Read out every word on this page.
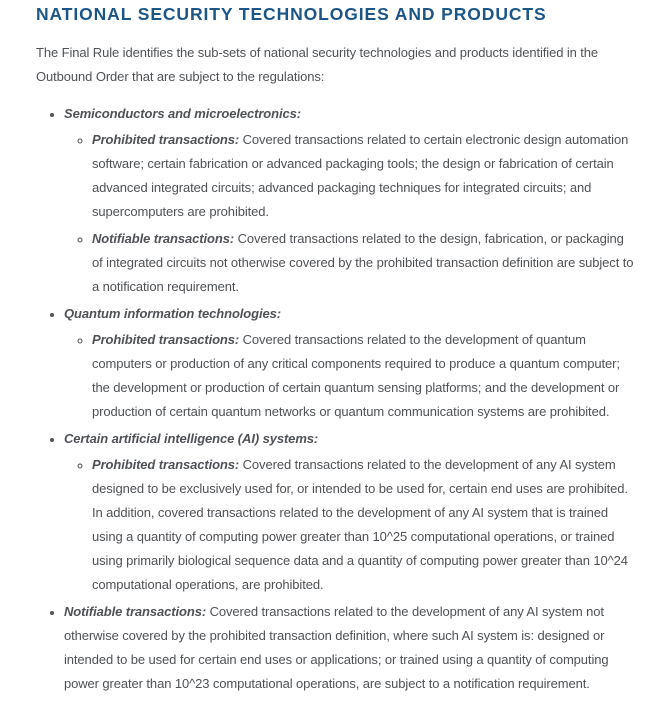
NATIONAL SECURITY TECHNOLOGIES AND PRODUCTS

The Final Rule identifies the sub-sets of national security technologies and products identified in the Outbound Order that are subject to the regulations:

• Semiconductors and microelectronics:
◦ Prohibited transactions: Covered transactions related to certain electronic design automation software; certain fabrication or advanced packaging tools; the design or fabrication of certain advanced integrated circuits; advanced packaging techniques for integrated circuits; and supercomputers are prohibited.
◦ Notifiable transactions: Covered transactions related to the design, fabrication, or packaging of integrated circuits not otherwise covered by the prohibited transaction definition are subject to a notification requirement.
• Quantum information technologies:
◦ Prohibited transactions: Covered transactions related to the development of quantum computers or production of any critical components required to produce a quantum computer; the development or production of certain quantum sensing platforms; and the development or production of certain quantum networks or quantum communication systems are prohibited.
• Certain artificial intelligence (AI) systems:
◦ Prohibited transactions: Covered transactions related to the development of any AI system designed to be exclusively used for, or intended to be used for, certain end uses are prohibited. In addition, covered transactions related to the development of any AI system that is trained using a quantity of computing power greater than 10^25 computational operations, or trained using primarily biological sequence data and a quantity of computing power greater than 10^24 computational operations, are prohibited.
• Notifiable transactions: Covered transactions related to the development of any AI system not otherwise covered by the prohibited transaction definition, where such AI system is: designed or intended to be used for certain end uses or applications; or trained using a quantity of computing power greater than 10^23 computational operations, are subject to a notification requirement.
